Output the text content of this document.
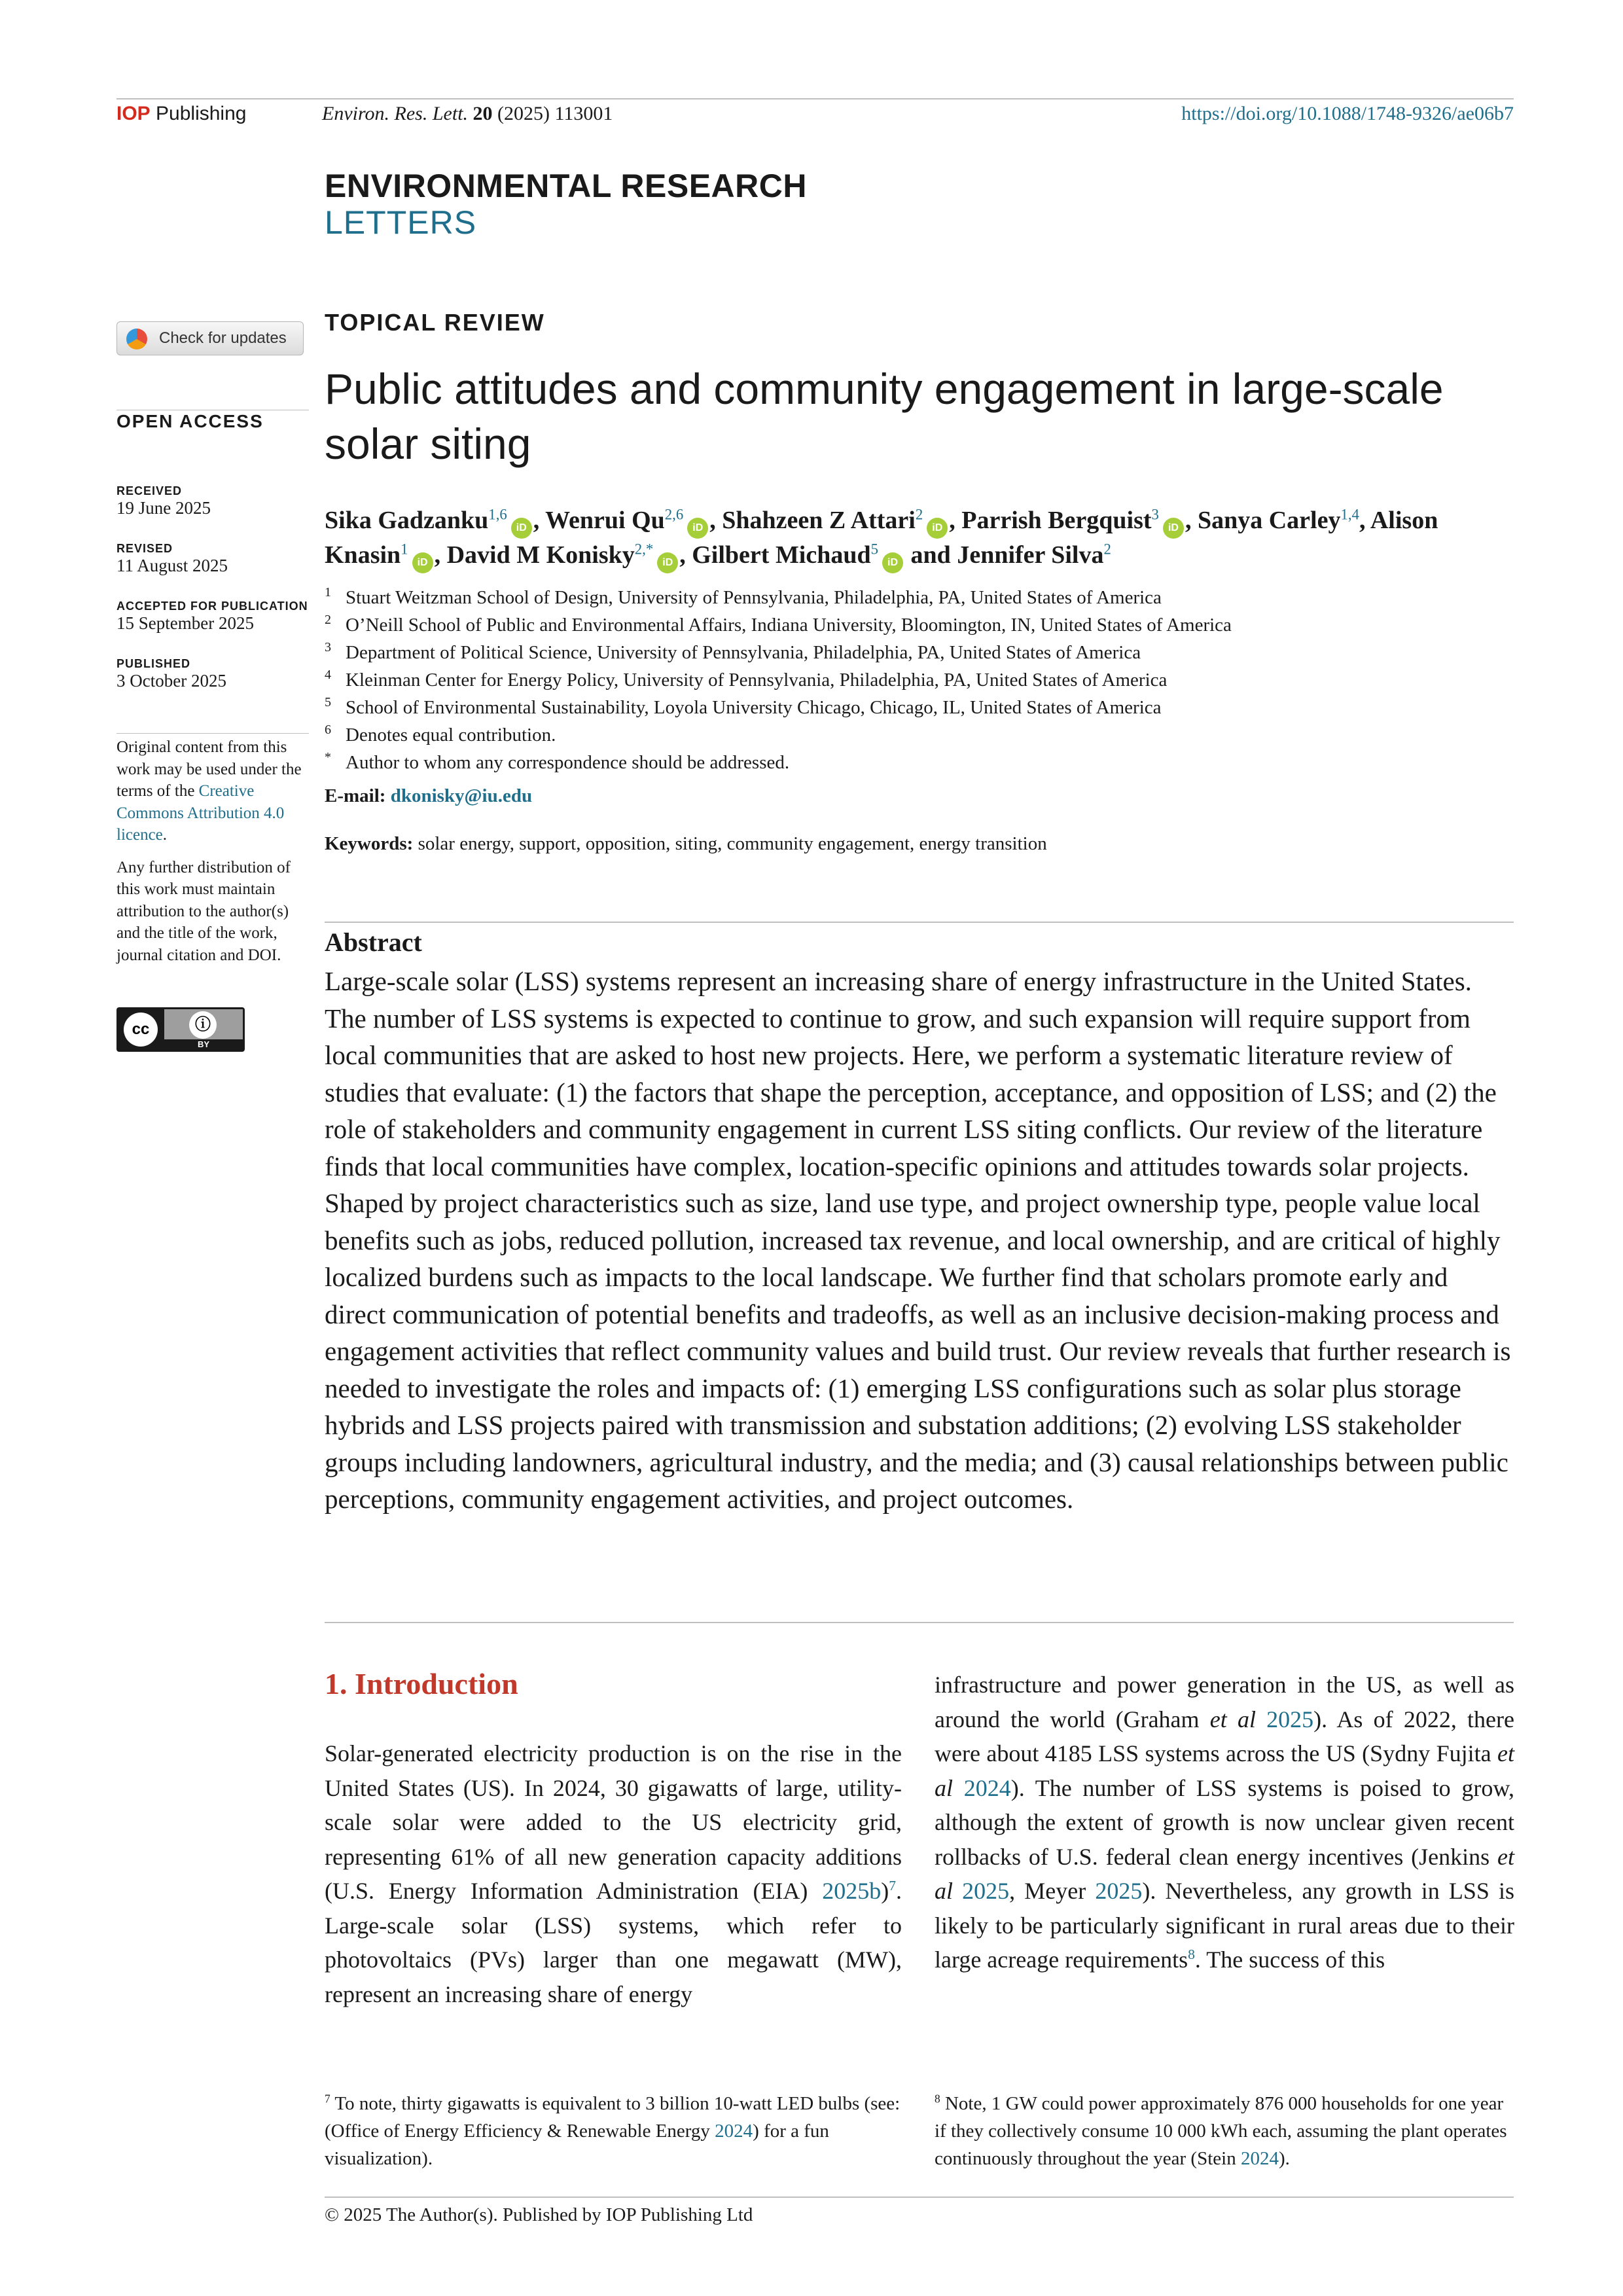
IOP Publishing	Environ. Res. Lett. 20 (2025) 113001	https://doi.org/10.1088/1748-9326/ae06b7
ENVIRONMENTAL RESEARCH
LETTERS
Check for updates
OPEN ACCESS
RECEIVED
19 June 2025
REVISED
11 August 2025
ACCEPTED FOR PUBLICATION
15 September 2025
PUBLISHED
3 October 2025

Original content from this work may be used under the terms of the Creative Commons Attribution 4.0 licence.

Any further distribution of this work must maintain attribution to the author(s) and the title of the work, journal citation and DOI.

cc	ⓘ
BY
TOPICAL REVIEW
Public attitudes and community engagement in large-scale solar siting
Sika Gadzanku$^{1,6}$iD , Wenrui Qu$^{2,6}$iD , Shahzeen Z Attari$^2$iD , Parrish Bergquist$^3$iD , Sanya Carley$^{1,4}$, Alison Knasin$^1$iD , David M Konisky$^{2,*}$iD , Gilbert Michaud$^5$iD and Jennifer Silva$^2$
1 Stuart Weitzman School of Design, University of Pennsylvania, Philadelphia, PA, United States of America
2 O’Neill School of Public and Environmental Affairs, Indiana University, Bloomington, IN, United States of America
3 Department of Political Science, University of Pennsylvania, Philadelphia, PA, United States of America
4 Kleinman Center for Energy Policy, University of Pennsylvania, Philadelphia, PA, United States of America
5 School of Environmental Sustainability, Loyola University Chicago, Chicago, IL, United States of America
6 Denotes equal contribution.
* Author to whom any correspondence should be addressed.
E-mail: dkonisky@iu.edu
Keywords: solar energy, support, opposition, siting, community engagement, energy transition
Abstract
Large-scale solar (LSS) systems represent an increasing share of energy infrastructure in the United States. The number of LSS systems is expected to continue to grow, and such expansion will require support from local communities that are asked to host new projects. Here, we perform a systematic literature review of studies that evaluate: (1) the factors that shape the perception, acceptance, and opposition of LSS; and (2) the role of stakeholders and community engagement in current LSS siting conflicts. Our review of the literature finds that local communities have complex, location-specific opinions and attitudes towards solar projects. Shaped by project characteristics such as size, land use type, and project ownership type, people value local benefits such as jobs, reduced pollution, increased tax revenue, and local ownership, and are critical of highly localized burdens such as impacts to the local landscape. We further find that scholars promote early and direct communication of potential benefits and tradeoffs, as well as an inclusive decision-making process and engagement activities that reflect community values and build trust. Our review reveals that further research is needed to investigate the roles and impacts of: (1) emerging LSS configurations such as solar plus storage hybrids and LSS projects paired with transmission and substation additions; (2) evolving LSS stakeholder groups including landowners, agricultural industry, and the media; and (3) causal relationships between public perceptions, community engagement activities, and project outcomes.
1. Introduction

Solar-generated electricity production is on the rise in the United States (US). In 2024, 30 gigawatts of large, utility-scale solar were added to the US electricity grid, representing 61% of all new generation capacity additions (U.S. Energy Information Administration (EIA) 2025b)$^7$. Large-scale solar (LSS) systems, which refer to photovoltaics (PVs) larger than one megawatt (MW), represent an increasing share of energy

infrastructure and power generation in the US, as well as around the world (Graham et al 2025). As of 2022, there were about 4185 LSS systems across the US (Sydny Fujita et al 2024). The number of LSS systems is poised to grow, although the extent of growth is now unclear given recent rollbacks of U.S. federal clean energy incentives (Jenkins et al 2025, Meyer 2025). Nevertheless, any growth in LSS is likely to be particularly significant in rural areas due to their large acreage requirements$^8$. The success of this

$^7$ To note, thirty gigawatts is equivalent to 3 billion 10-watt LED bulbs (see: (Office of Energy Efficiency & Renewable Energy 2024) for a fun visualization).
$^8$ Note, 1 GW could power approximately 876 000 households for one year if they collectively consume 10 000 kWh each, assuming the plant operates continuously throughout the year (Stein 2024).
© 2025 The Author(s). Published by IOP Publishing Ltd
